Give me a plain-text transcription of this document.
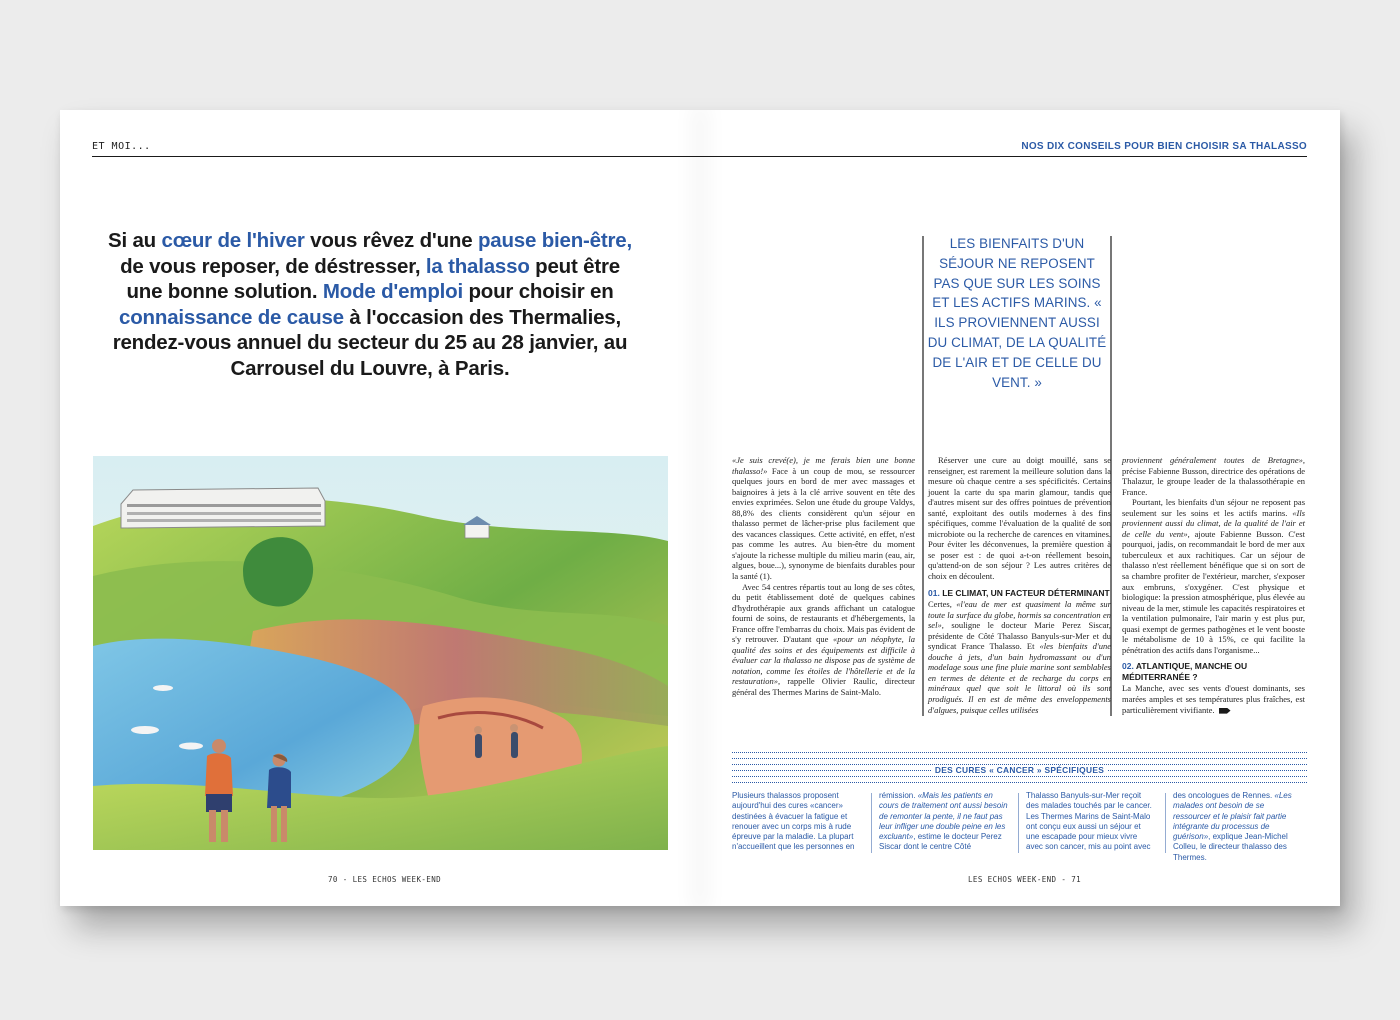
ET MOI...	NOS DIX CONSEILS POUR BIEN CHOISIR SA THALASSO
Si au cœur de l'hiver vous rêvez d'une pause bien-être,
de vous reposer, de déstresser, la thalasso peut être une bonne solution. Mode d'emploi pour choisir en connaissance de cause à l'occasion des Thermalies, rendez-vous annuel du secteur du 25 au 28 janvier, au Carrousel du Louvre, à Paris.
LES BIENFAITS D'UN SÉJOUR NE REPOSENT PAS QUE SUR LES SOINS ET LES ACTIFS MARINS. « ILS PROVIENNENT AUSSI DU CLIMAT, DE LA QUALITÉ DE L'AIR ET DE CELLE DU VENT. »

«Je suis crevé(e), je me ferais bien une bonne thalasso!» Face à un coup de mou, se ressourcer quelques jours en bord de mer avec massages et baignoires à jets à la clé arrive souvent en tête des envies exprimées. Selon une étude du groupe Valdys, 88,8% des clients considèrent qu'un séjour en thalasso permet de lâcher-prise plus facilement que des vacances classiques. Cette activité, en effet, n'est pas comme les autres. Au bien-être du moment s'ajoute la richesse multiple du milieu marin (eau, air, algues, boue...), synonyme de bienfaits durables pour la santé (1).

Avec 54 centres répartis tout au long de ses côtes, du petit établissement doté de quelques cabines d'hydrothérapie aux grands affichant un catalogue fourni de soins, de restaurants et d'hébergements, la France offre l'embarras du choix. Mais pas évident de s'y retrouver. D'autant que «pour un néophyte, la qualité des soins et des équipements est difficile à évaluer car la thalasso ne dispose pas de système de notation, comme les étoiles de l'hôtellerie et de la restauration», rappelle Olivier Raulic, directeur général des Thermes Marins de Saint-Malo.

Réserver une cure au doigt mouillé, sans se renseigner, est rarement la meilleure solution dans la mesure où chaque centre a ses spécificités. Certains jouent la carte du spa marin glamour, tandis que d'autres misent sur des offres pointues de prévention santé, exploitant des outils modernes à des fins spécifiques, comme l'évaluation de la qualité de son microbiote ou la recherche de carences en vitamines. Pour éviter les déconvenues, la première question à se poser est : de quoi a-t-on réellement besoin, qu'attend-on de son séjour ? Les autres critères de choix en découlent.

01. LE CLIMAT, UN FACTEUR DÉTERMINANT

Certes, «l'eau de mer est quasiment la même sur toute la surface du globe, hormis sa concentration en sel», souligne le docteur Marie Perez Siscar, présidente de Côté Thalasso Banyuls-sur-Mer et du syndicat France Thalasso. Et «les bienfaits d'une douche à jets, d'un bain hydromassant ou d'un modelage sous une fine pluie marine sont semblables en termes de détente et de recharge du corps en minéraux quel que soit le littoral où ils sont prodigués. Il en est de même des enveloppements d'algues, puisque celles utilisées

proviennent généralement toutes de Bretagne», précise Fabienne Busson, directrice des opérations de Thalazur, le groupe leader de la thalassothérapie en France.

Pourtant, les bienfaits d'un séjour ne reposent pas seulement sur les soins et les actifs marins. «Ils proviennent aussi du climat, de la qualité de l'air et de celle du vent», ajoute Fabienne Busson. C'est pourquoi, jadis, on recommandait le bord de mer aux tuberculeux et aux rachitiques. Car un séjour de thalasso n'est réellement bénéfique que si on sort de sa chambre profiter de l'extérieur, marcher, s'exposer aux embruns, s'oxygéner. C'est physique et biologique: la pression atmosphérique, plus élevée au niveau de la mer, stimule les capacités respiratoires et la ventilation pulmonaire, l'air marin y est plus pur, quasi exempt de germes pathogènes et le vent booste le métabolisme de 10 à 15%, ce qui facilite la pénétration des actifs dans l'organisme...

02. ATLANTIQUE, MANCHE OU MÉDITERRANÉE ?

La Manche, avec ses vents d'ouest dominants, ses marées amples et ses températures plus fraîches, est particulièrement vivifiante.

DES CURES « CANCER » SPÉCIFIQUES
Plusieurs thalassos proposent aujourd'hui des cures «cancer» destinées à évacuer la fatigue et renouer avec un corps mis à rude épreuve par la maladie. La plupart n'accueillent que les personnes en
rémission. «Mais les patients en cours de traitement ont aussi besoin de remonter la pente, il ne faut pas leur infliger une double peine en les excluant», estime le docteur Perez Siscar dont le centre Côté
Thalasso Banyuls-sur-Mer reçoit des malades touchés par le cancer. Les Thermes Marins de Saint-Malo ont conçu eux aussi un séjour et une escapade pour mieux vivre avec son cancer, mis au point avec
des oncologues de Rennes. «Les malades ont besoin de se ressourcer et le plaisir fait partie intégrante du processus de guérison», explique Jean-Michel Colleu, le directeur thalasso des Thermes.
70 - LES ECHOS WEEK-END	LES ECHOS WEEK-END - 71
